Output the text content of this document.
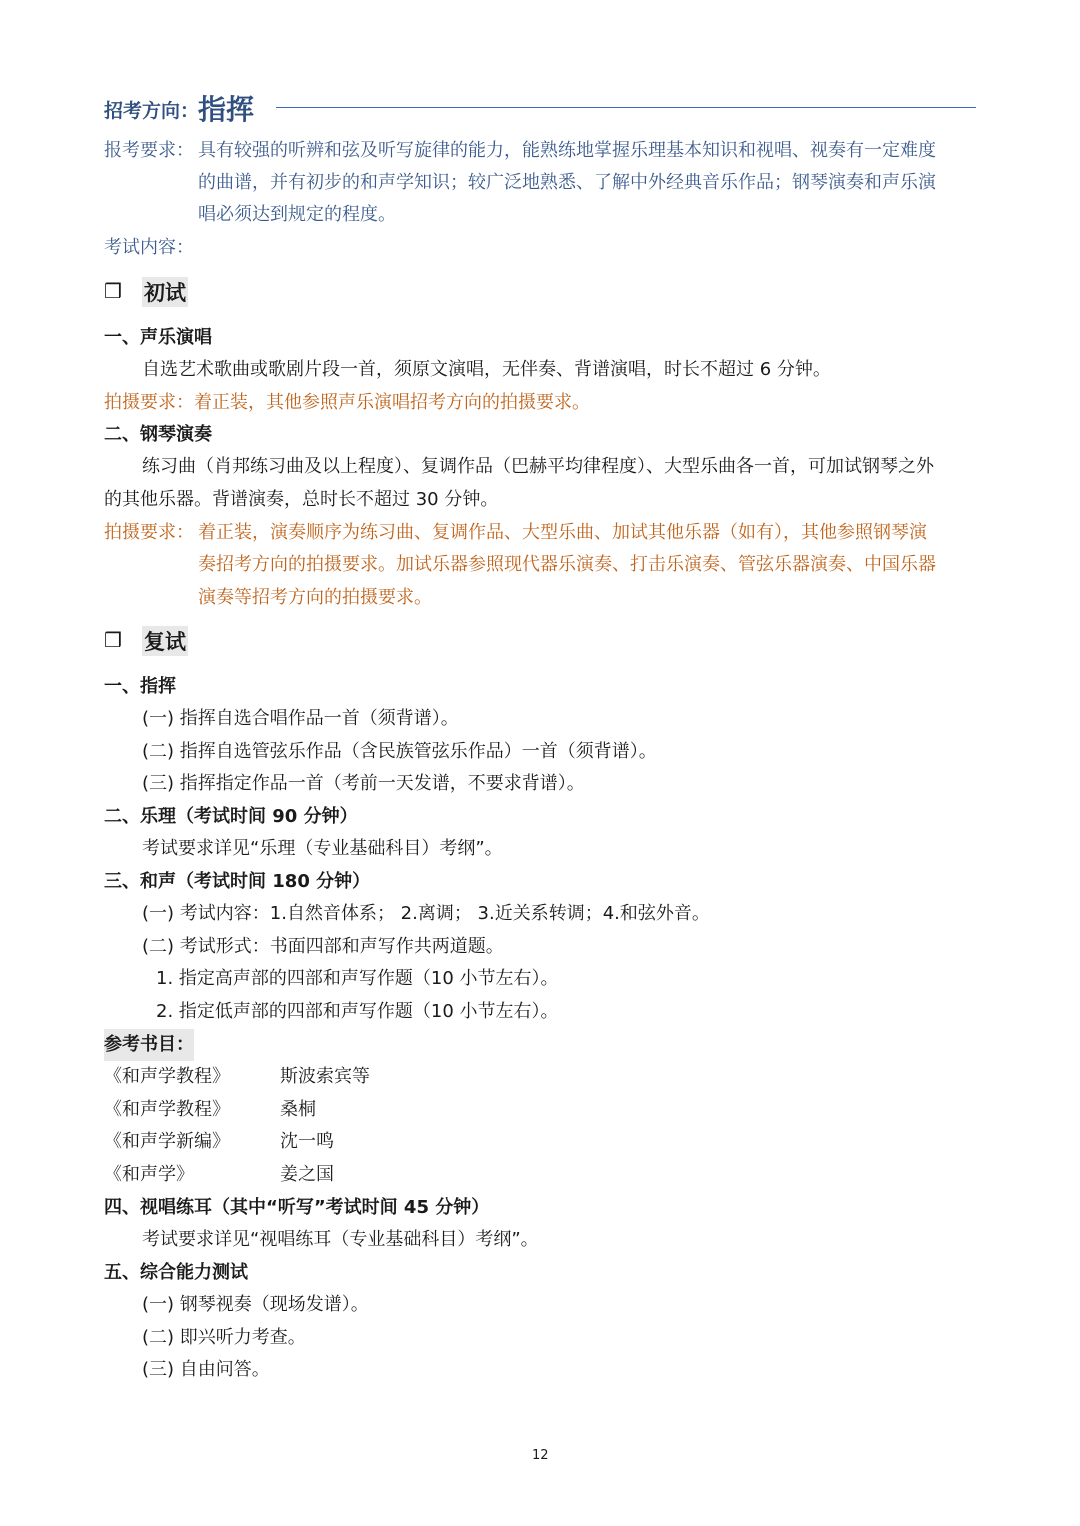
招考方向：
指挥
报考要求： 具有较强的听辨和弦及听写旋律的能力，能熟练地掌握乐理基本知识和视唱、视奏有一定难度
的曲谱，并有初步的和声学知识；较广泛地熟悉、了解中外经典音乐作品；钢琴演奏和声乐演
唱必须达到规定的程度。
考试内容：
❒ 初试
一、声乐演唱
自选艺术歌曲或歌剧片段一首，须原文演唱，无伴奏、背谱演唱，时长不超过 6 分钟。
拍摄要求：着正装，其他参照声乐演唱招考方向的拍摄要求。
二、钢琴演奏
练习曲（肖邦练习曲及以上程度）、复调作品（巴赫平均律程度）、大型乐曲各一首，可加试钢琴之外
的其他乐器。背谱演奏，总时长不超过 30 分钟。
拍摄要求： 着正装，演奏顺序为练习曲、复调作品、大型乐曲、加试其他乐器（如有），其他参照钢琴演
奏招考方向的拍摄要求。加试乐器参照现代器乐演奏、打击乐演奏、管弦乐器演奏、中国乐器
演奏等招考方向的拍摄要求。
❒ 复试
一、指挥
(一) 指挥自选合唱作品一首（须背谱）。
(二) 指挥自选管弦乐作品（含民族管弦乐作品）一首（须背谱）。
(三) 指挥指定作品一首（考前一天发谱，不要求背谱）。
二、乐理（考试时间 90 分钟）
考试要求详见“乐理（专业基础科目）考纲”。
三、和声（考试时间 180 分钟）
(一) 考试内容：1.自然音体系； 2.离调； 3.近关系转调；4.和弦外音。
(二) 考试形式：书面四部和声写作共两道题。
1. 指定高声部的四部和声写作题（10 小节左右）。
2. 指定低声部的四部和声写作题（10 小节左右）。
参考书目：
《和声学教程》	斯波索宾等
《和声学教程》	桑桐
《和声学新编》	沈一鸣
《和声学》	姜之国
四、视唱练耳（其中“听写”考试时间 45 分钟）
考试要求详见“视唱练耳（专业基础科目）考纲”。
五、综合能力测试
(一) 钢琴视奏（现场发谱）。
(二) 即兴听力考查。
(三) 自由问答。
12
